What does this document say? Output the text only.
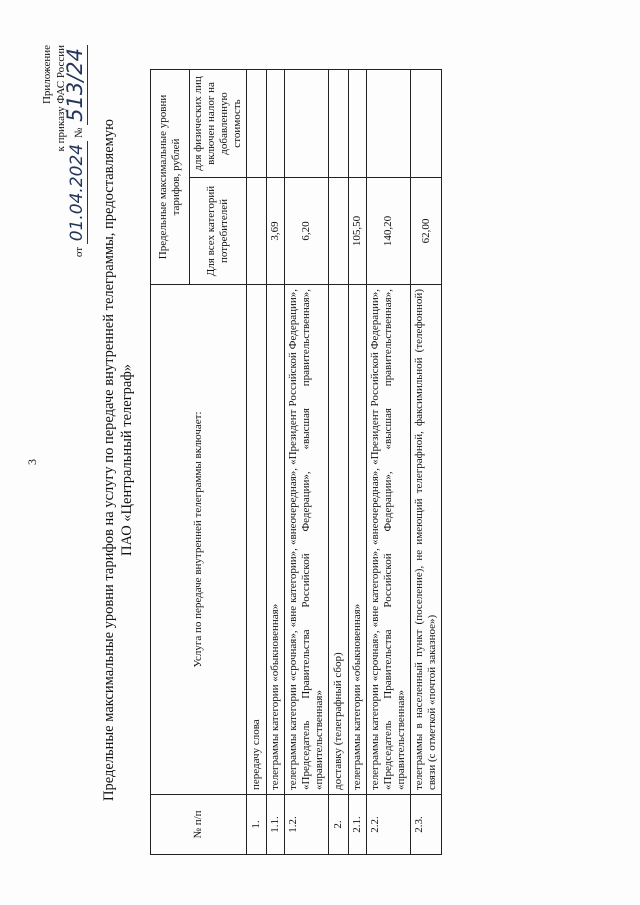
3
Приложение к приказу ФАС России
от 01.04.2024 № 513/24
Предельные максимальные уровни тарифов на услугу по передаче внутренней телеграммы, предоставляемую ПАО «Центральный телеграф»
№ п/п	Услуга по передаче внутренней телеграммы включает:	Предельные максимальные уровни тарифов, рублей	
		Для всех категорий потребителей	для физических лиц включен налог на добавленную стоимость
1.	передачу слова		
1.1.	телеграммы категории «обыкновенная»	3,69	
1.2.	телеграммы категории «срочная», «вне категории», «внеочередная», «Президент Российской Федерации», «Председатель Правительства Российской Федерации», «высшая правительственная», «правительственная»	6,20	
2.	доставку (телеграфный сбор)		
2.1.	телеграммы категории «обыкновенная»	105,50	
2.2.	телеграммы категории «срочная», «вне категории», «внеочередная», «Президент Российской Федерации», «Председатель Правительства Российской Федерации», «высшая правительственная», «правительственная»	140,20	
2.3.	телеграммы в населенный пункт (поселение), не имеющий телеграфной, факсимильной (телефонной) связи (с отметкой «почтой заказное»)	62,00	
